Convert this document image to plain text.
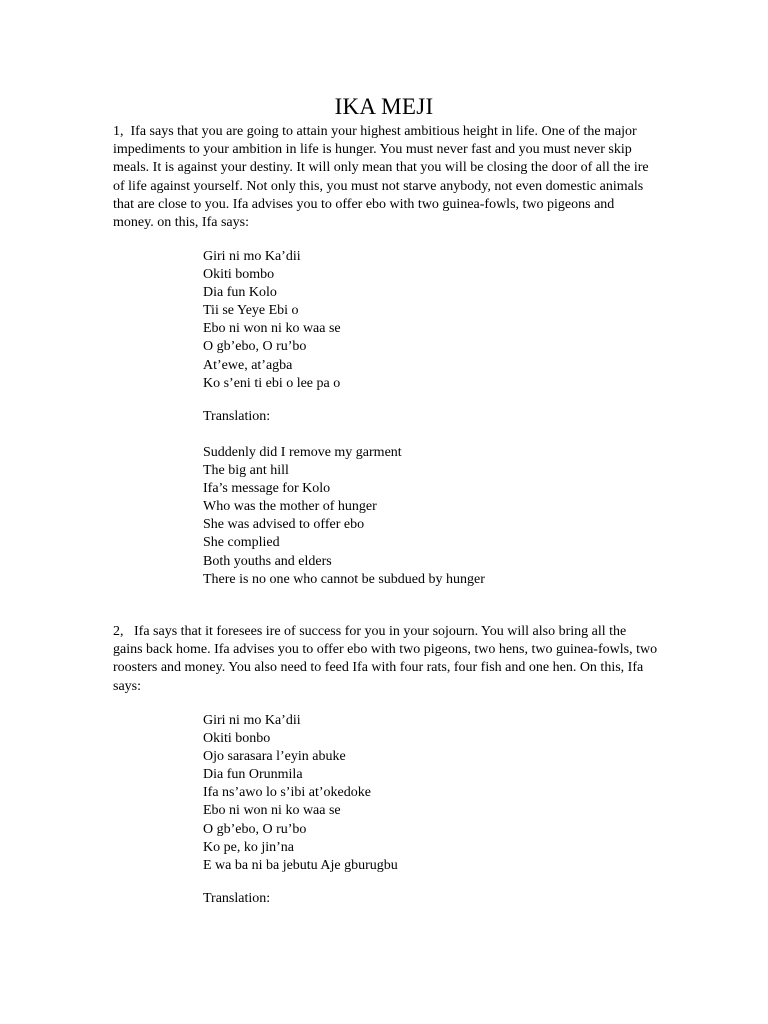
IKA MEJI
1,  Ifa says that you are going to attain your highest ambitious height in life. One of the major impediments to your ambition in life is hunger. You must never fast and you must never skip meals. It is against your destiny. It will only mean that you will be closing the door of all the ire of life against yourself. Not only this, you must not starve anybody, not even domestic animals that are close to you. Ifa advises you to offer ebo with two guinea-fowls, two pigeons and money. on this, Ifa says:
Giri ni mo Ka’dii
Okiti bombo
Dia fun Kolo
Tii se Yeye Ebi o
Ebo ni won ni ko waa se
O gb’ebo, O ru’bo
At’ewe, at’agba
Ko s’eni ti ebi o lee pa o
Translation:
Suddenly did I remove my garment
The big ant hill
Ifa’s message for Kolo
Who was the mother of hunger
She was advised to offer ebo
She complied
Both youths and elders
There is no one who cannot be subdued by hunger
2,   Ifa says that it foresees ire of success for you in your sojourn. You will also bring all the gains back home. Ifa advises you to offer ebo with two pigeons, two hens, two guinea-fowls, two roosters and money. You also need to feed Ifa with four rats, four fish and one hen. On this, Ifa says:
Giri ni mo Ka’dii
Okiti bonbo
Ojo sarasara l’eyin abuke
Dia fun Orunmila
Ifa ns’awo lo s’ibi at’okedoke
Ebo ni won ni ko waa se
O gb’ebo, O ru’bo
Ko pe, ko jin’na
E wa ba ni ba jebutu Aje gburugbu
Translation:
